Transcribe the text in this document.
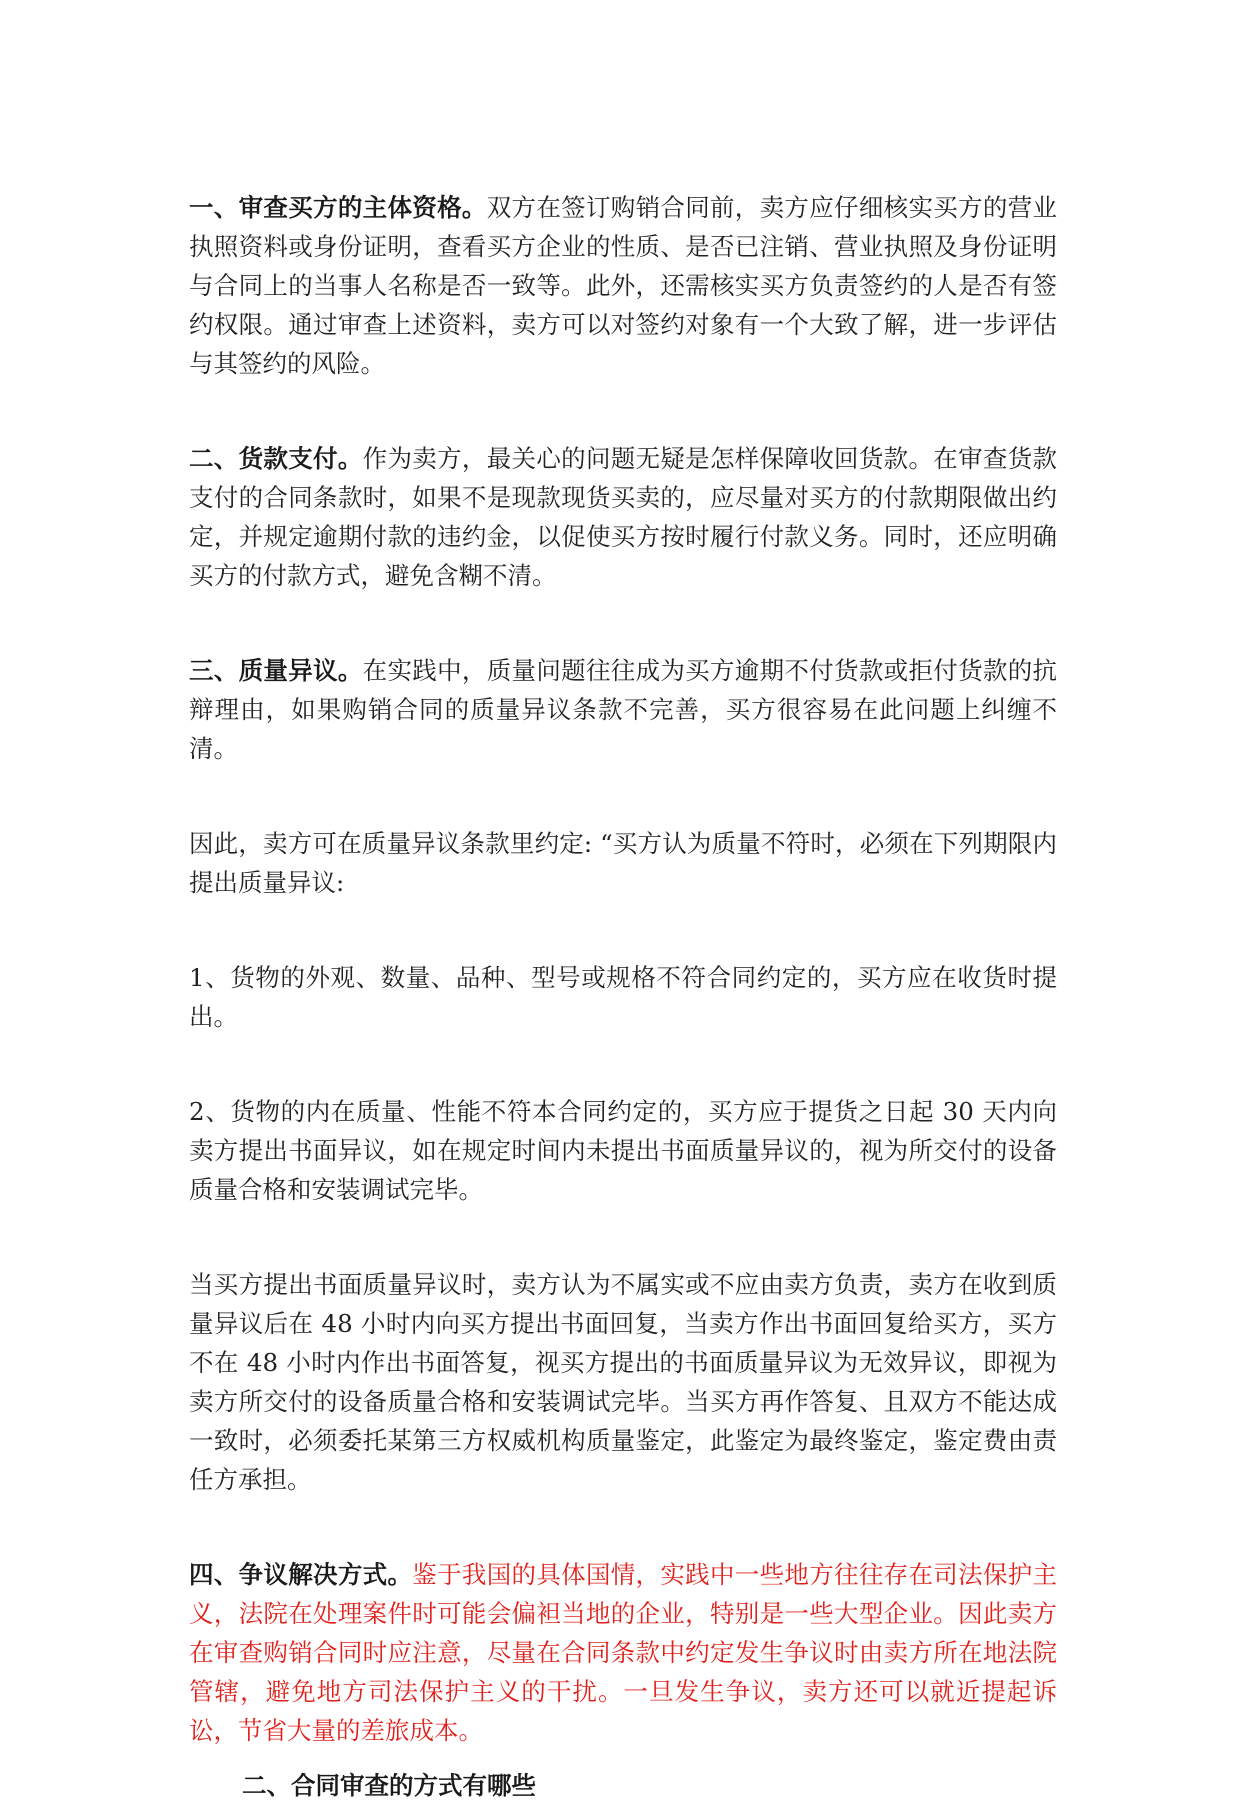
一、审查买方的主体资格。双方在签订购销合同前，卖方应仔细核实买方的营业执照资料或身份证明，查看买方企业的性质、是否已注销、营业执照及身份证明与合同上的当事人名称是否一致等。此外，还需核实买方负责签约的人是否有签约权限。通过审查上述资料，卖方可以对签约对象有一个大致了解，进一步评估与其签约的风险。

二、货款支付。作为卖方，最关心的问题无疑是怎样保障收回货款。在审查货款支付的合同条款时，如果不是现款现货买卖的，应尽量对买方的付款期限做出约定，并规定逾期付款的违约金，以促使买方按时履行付款义务。同时，还应明确买方的付款方式，避免含糊不清。

三、质量异议。在实践中，质量问题往往成为买方逾期不付货款或拒付货款的抗辩理由，如果购销合同的质量异议条款不完善，买方很容易在此问题上纠缠不清。

因此，卖方可在质量异议条款里约定: “买方认为质量不符时，必须在下列期限内提出质量异议:

1、货物的外观、数量、品种、型号或规格不符合同约定的，买方应在收货时提出。

2、货物的内在质量、性能不符本合同约定的，买方应于提货之日起 30 天内向卖方提出书面异议，如在规定时间内未提出书面质量异议的，视为所交付的设备质量合格和安装调试完毕。

当买方提出书面质量异议时，卖方认为不属实或不应由卖方负责，卖方在收到质量异议后在 48 小时内向买方提出书面回复，当卖方作出书面回复给买方，买方不在 48 小时内作出书面答复，视买方提出的书面质量异议为无效异议，即视为卖方所交付的设备质量合格和安装调试完毕。当买方再作答复、且双方不能达成一致时，必须委托某第三方权威机构质量鉴定，此鉴定为最终鉴定，鉴定费由责任方承担。

四、争议解决方式。鉴于我国的具体国情，实践中一些地方往往存在司法保护主义，法院在处理案件时可能会偏袒当地的企业，特别是一些大型企业。因此卖方在审查购销合同时应注意，尽量在合同条款中约定发生争议时由卖方所在地法院管辖，避免地方司法保护主义的干扰。一旦发生争议，卖方还可以就近提起诉讼，节省大量的差旅成本。

二、合同审查的方式有哪些
